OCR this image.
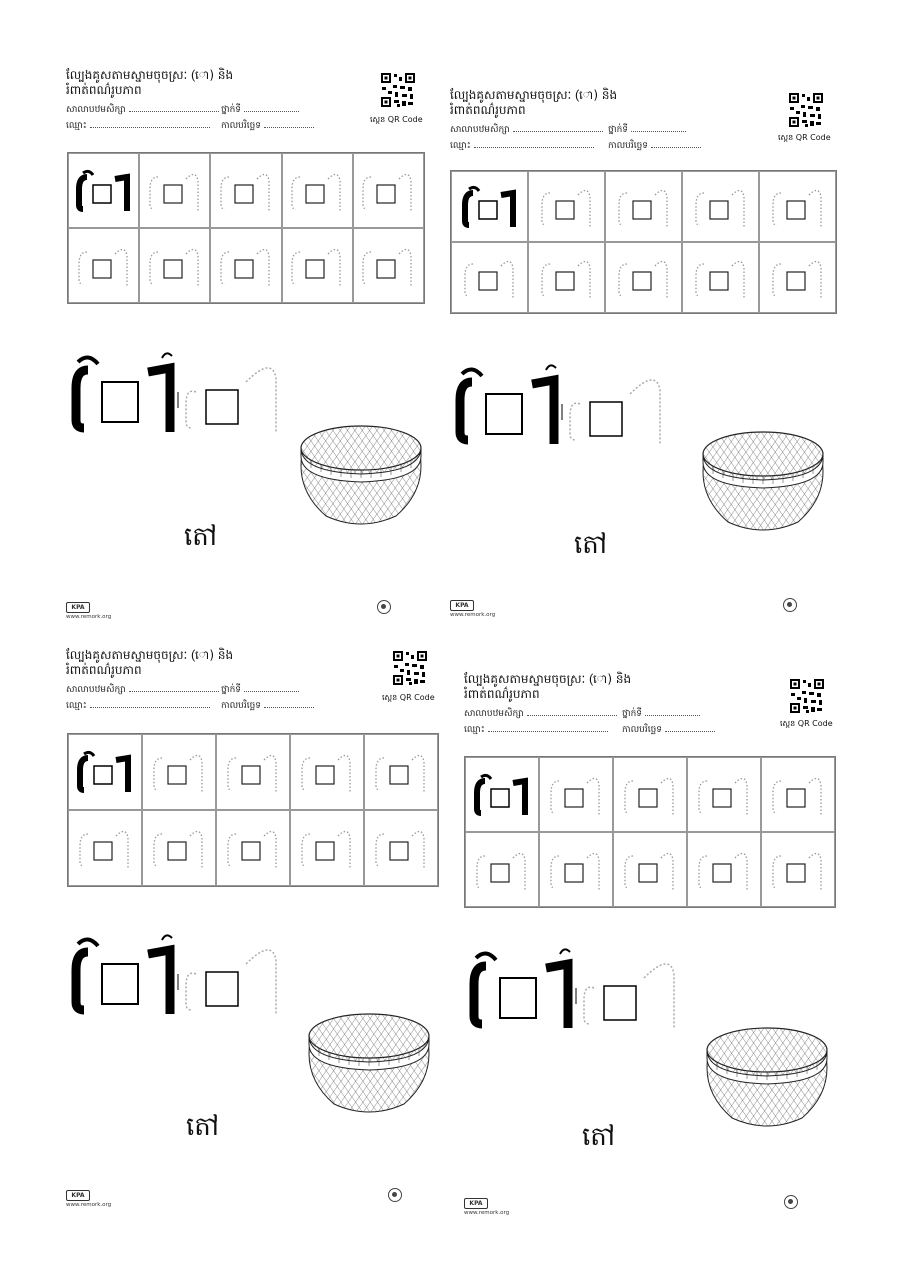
ល្បែងគូសតាមស្នាមចុចស្រៈ (ោ) និង
រំពាត់ពណ៌រូបភាព
សាលាបឋមសិក្សា	ថ្នាក់ទី
ឈ្មោះ	កាលបរិច្ឆេទ
ស្កេន QR Code
តៅ
KPA
www.remork.org
ល្បែងគូសតាមស្នាមចុចស្រៈ (ោ) និង
រំពាត់ពណ៌រូបភាព
សាលាបឋមសិក្សា	ថ្នាក់ទី
ឈ្មោះ	កាលបរិច្ឆេទ
ស្កេន QR Code
តៅ
KPA
www.remork.org
ល្បែងគូសតាមស្នាមចុចស្រៈ (ោ) និង
រំពាត់ពណ៌រូបភាព
សាលាបឋមសិក្សា	ថ្នាក់ទី
ឈ្មោះ	កាលបរិច្ឆេទ
ស្កេន QR Code
តៅ
KPA
www.remork.org
ល្បែងគូសតាមស្នាមចុចស្រៈ (ោ) និង
រំពាត់ពណ៌រូបភាព
សាលាបឋមសិក្សា	ថ្នាក់ទី
ឈ្មោះ	កាលបរិច្ឆេទ
ស្កេន QR Code
តៅ
KPA
www.remork.org
